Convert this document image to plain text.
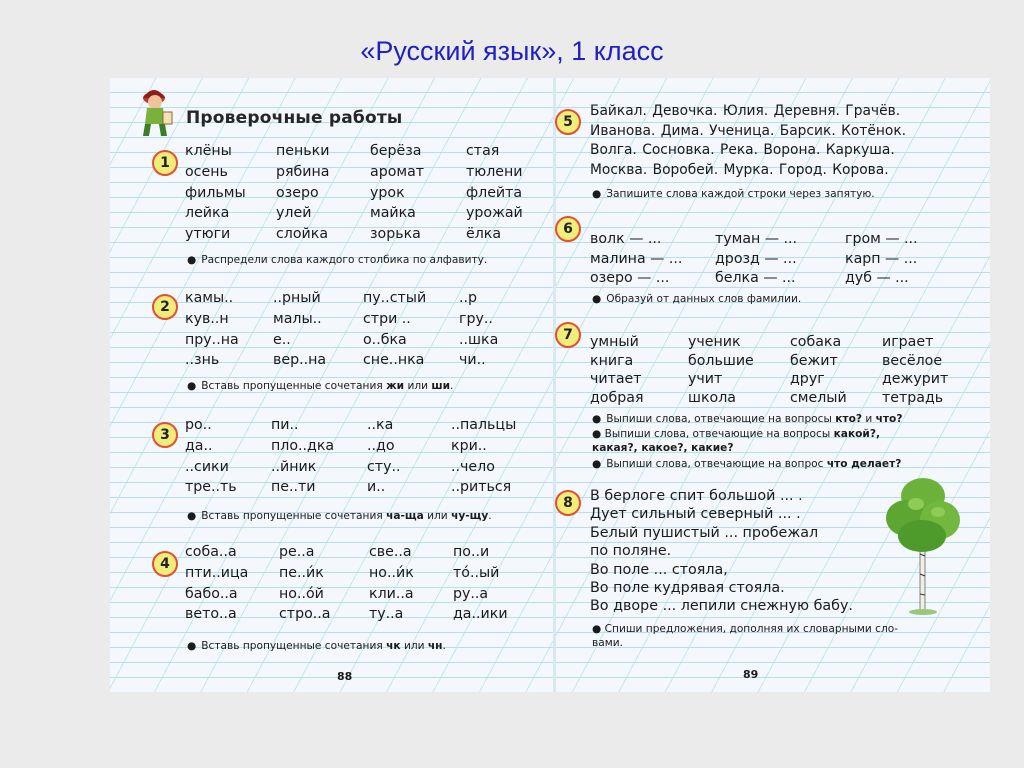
«Русский язык», 1 класс
Проверочные работы
1
клёны	пеньки	берёза	стая
осень	рябина	аромат	тюлени
фильмы	озеро	урок	флейта
лейка	улей	майка	урожай
утюги	слойка	зорька	ёлка
● Распредели слова каждого столбика по алфавиту.
2
камы..	..рный	пу..стый	..р
кув..н	малы..	стри ..	гру..
пру..на	е..	о..бка	..шка
..знь	вер..на	сне..нка	чи..
● Вставь пропущенные сочетания жи или ши.
3
ро..	пи..	..ка	..пальцы
да..	пло..дка	..до	кри..
..сики	..йник	сту..	..чело
тре..ть	пе..ти	и..	..риться
● Вставь пропущенные сочетания ча-ща или чу-щу.
4
соба..а	ре..а	све..а	по..и
пти..ица	пе..и́к	но..и́к	то́..ый
бабо..а	но..о́й	кли..а	ру..а
вето..а	стро..а	ту..а	да..ики
● Вставь пропущенные сочетания чк или чн.
88
5
Байкал. Девочка. Юлия. Деревня. Грачёв.
Иванова. Дима. Ученица. Барсик. Котёнок.
Волга. Сосновка. Река. Ворона. Каркуша.
Москва. Воробей. Мурка. Город. Корова.
● Запишите слова каждой строки через запятую.
6
волк — ...	туман — ...	гром — ...
малина — ...	дрозд — ...	карп — ...
озеро — ...	белка — ...	дуб — ...
● Образуй от данных слов фамилии.
7	умный	ученик	собака	играет
книга	большие	бежит	весёлое
читает	учит	друг	дежурит
добрая	школа	смелый	тетрадь
● Выпиши слова, отвечающие на вопросы кто? и что?
● Выпиши слова, отвечающие на вопросы какой?,
какая?, какое?, какие?
● Выпиши слова, отвечающие на вопрос что делает?
8	В берлоге спит большой ... .
Дует сильный северный ... .
Белый пушистый ... пробежал
по поляне.
Во поле ... стояла,
Во поле кудрявая стояла.
Во дворе ... лепили снежную бабу.
● Спиши предложения, дополняя их словарными сло-
вами.
89
